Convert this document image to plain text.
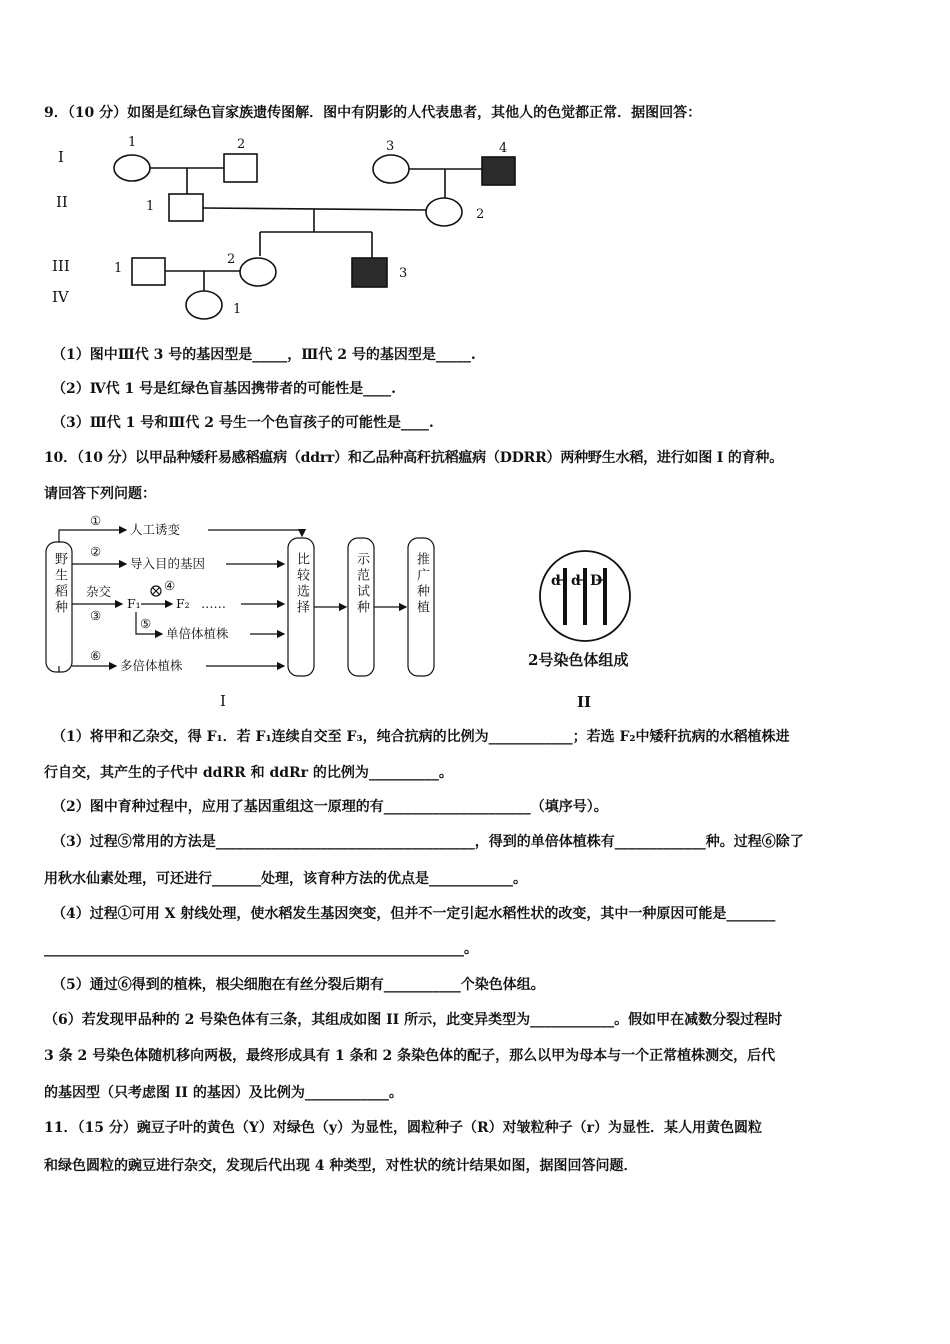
9．（10 分）如图是红绿色盲家族遗传图解．图中有阴影的人代表患者，其他人的色觉都正常．据图回答：
I
II
III
IV
1	2	3	4
1
2
1
2
3
1
（1）图中Ⅲ代 3 号的基因型是_____，Ⅲ代 2 号的基因型是_____.
（2）Ⅳ代 1 号是红绿色盲基因携带者的可能性是____.
（3）Ⅲ代 1 号和Ⅲ代 2 号生一个色盲孩子的可能性是____.
10．（10 分）以甲品种矮秆易感稻瘟病（ddrr）和乙品种高秆抗稻瘟病（DDRR）两种野生水稻，进行如图 I 的育种。
请回答下列问题：
①
人工诱变
②
导入目的基因
杂交
③
F₁
④
F₂ ……
⑤
单倍体植株
⑥
多倍体植株
野生稻种	比较选择	示范试种	推广种植
I
d d D
2号染色体组成
II
（1）将甲和乙杂交，得 F₁．若 F₁连续自交至 F₃，纯合抗病的比例为____________；若选 F₂中矮秆抗病的水稻植株进
行自交，其产生的子代中 ddRR 和 ddRr 的比例为__________。
（2）图中育种过程中，应用了基因重组这一原理的有_____________________（填序号）。
（3）过程⑤常用的方法是_____________________________________，得到的单倍体植株有_____________种。过程⑥除了
用秋水仙素处理，可还进行_______处理，该育种方法的优点是____________。
（4）过程①可用 X 射线处理，使水稻发生基因突变，但并不一定引起水稻性状的改变，其中一种原因可能是_______
____________________________________________________________。
（5）通过⑥得到的植株，根尖细胞在有丝分裂后期有___________个染色体组。
（6）若发现甲品种的 2 号染色体有三条，其组成如图 II 所示，此变异类型为____________。假如甲在减数分裂过程时
3 条 2 号染色体随机移向两极，最终形成具有 1 条和 2 条染色体的配子，那么以甲为母本与一个正常植株测交，后代
的基因型（只考虑图 II 的基因）及比例为____________。
11．（15 分）豌豆子叶的黄色（Y）对绿色（y）为显性，圆粒种子（R）对皱粒种子（r）为显性．某人用黄色圆粒
和绿色圆粒的豌豆进行杂交，发现后代出现 4 种类型，对性状的统计结果如图，据图回答问题．
